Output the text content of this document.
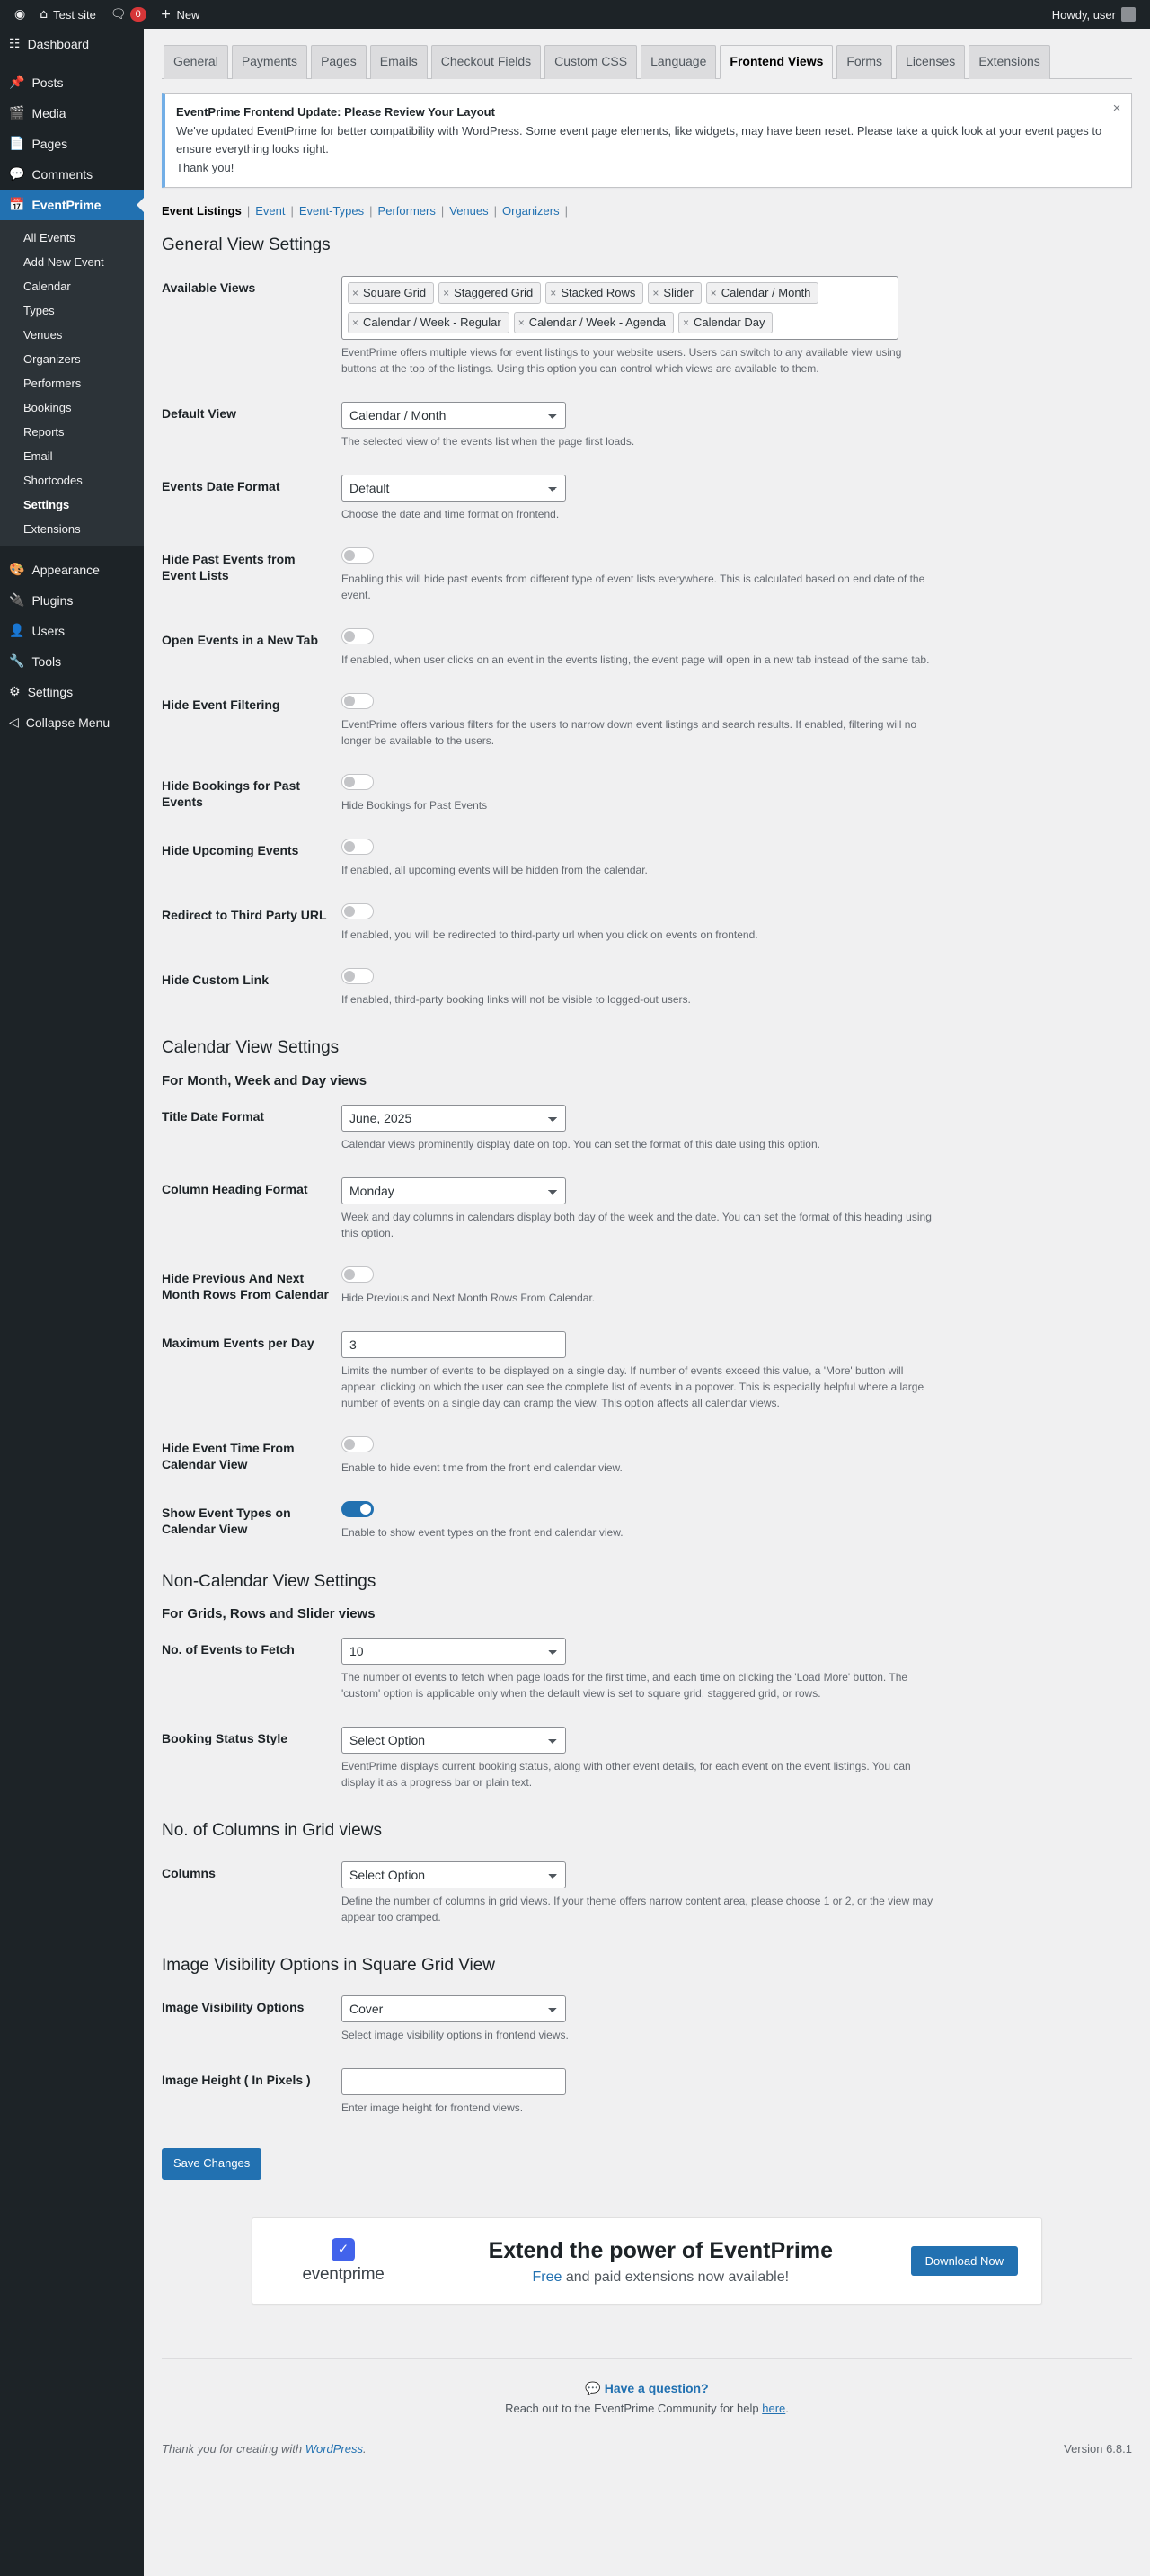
◉ ⌂ Test site 🗨 0	+ New	Howdy, user
☷ Dashboard
📌 Posts
🎬 Media
📄 Pages
💬 Comments
📅 EventPrime
All Events
Add New Event
Calendar
Types
Venues
Organizers
Performers
Bookings
Reports
Email
Shortcodes
Settings
Extensions
🎨 Appearance
🔌 Plugins
👤 Users
🔧 Tools
⚙ Settings
◁ Collapse Menu
General	Payments	Pages	Emails	Checkout Fields	Custom CSS	Language	Frontend Views	Forms	Licenses	Extensions
×
EventPrime Frontend Update: Please Review Your Layout
We've updated EventPrime for better compatibility with WordPress. Some event page elements, like widgets, may have been reset. Please take a quick look at your event pages to ensure everything looks right.
Thank you!
Event Listings | Event | Event-Types | Performers | Venues | Organizers |
General View Settings
Available Views	× Square Grid × Staggered Grid × Stacked Rows × Slider × Calendar / Month
× Calendar / Week - Regular × Calendar / Week - Agenda × Calendar Day
EventPrime offers multiple views for event listings to your website users. Users can switch to any available view using buttons at the top of the listings. Using this option you can control which views are available to them.

Default View	
Calendar / Month
The selected view of the events list when the page first loads.

Events Date Format	
Default
Choose the date and time format on frontend.

Hide Past Events from Event Lists	Enabling this will hide past events from different type of event lists everywhere. This is calculated based on end date of the event.

Open Events in a New Tab	If enabled, when user clicks on an event in the events listing, the event page will open in a new tab instead of the same tab.

Hide Event Filtering	EventPrime offers various filters for the users to narrow down event listings and search results. If enabled, filtering will no longer be available to the users.

Hide Bookings for Past Events	Hide Bookings for Past Events

Hide Upcoming Events	If enabled, all upcoming events will be hidden from the calendar.

Redirect to Third Party URL	If enabled, you will be redirected to third-party url when you click on events on frontend.

Hide Custom Link	If enabled, third-party booking links will not be visible to logged-out users.
Calendar View Settings
For Month, Week and Day views
Title Date Format	
June, 2025
Calendar views prominently display date on top. You can set the format of this date using this option.

Column Heading Format	
Monday
Week and day columns in calendars display both day of the week and the date. You can set the format of this heading using this option.

Hide Previous And Next Month Rows From Calendar	Hide Previous and Next Month Rows From Calendar.

Maximum Events per Day	3
Limits the number of events to be displayed on a single day. If number of events exceed this value, a 'More' button will appear, clicking on which the user can see the complete list of events in a popover. This is especially helpful where a large number of events on a single day can cramp the view. This option affects all calendar views.

Hide Event Time From Calendar View	Enable to hide event time from the front end calendar view.

Show Event Types on Calendar View	Enable to show event types on the front end calendar view.
Non-Calendar View Settings
For Grids, Rows and Slider views
No. of Events to Fetch	
10
The number of events to fetch when page loads for the first time, and each time on clicking the 'Load More' button. The 'custom' option is applicable only when the default view is set to square grid, staggered grid, or rows.

Booking Status Style	
Select Option
EventPrime displays current booking status, along with other event details, for each event on the event listings. You can display it as a progress bar or plain text.
No. of Columns in Grid views
Columns	
Select Option
Define the number of columns in grid views. If your theme offers narrow content area, please choose 1 or 2, or the view may appear too cramped.
Image Visibility Options in Square Grid View
Image Visibility Options	
Cover
Select image visibility options in frontend views.

Image Height ( In Pixels )	Enter image height for frontend views.
Save Changes
✓
eventprime
Extend the power of EventPrime
Free and paid extensions now available!
Download Now
💬 Have a question?
Reach out to the EventPrime Community for help here.
Thank you for creating with WordPress.	Version 6.8.1
